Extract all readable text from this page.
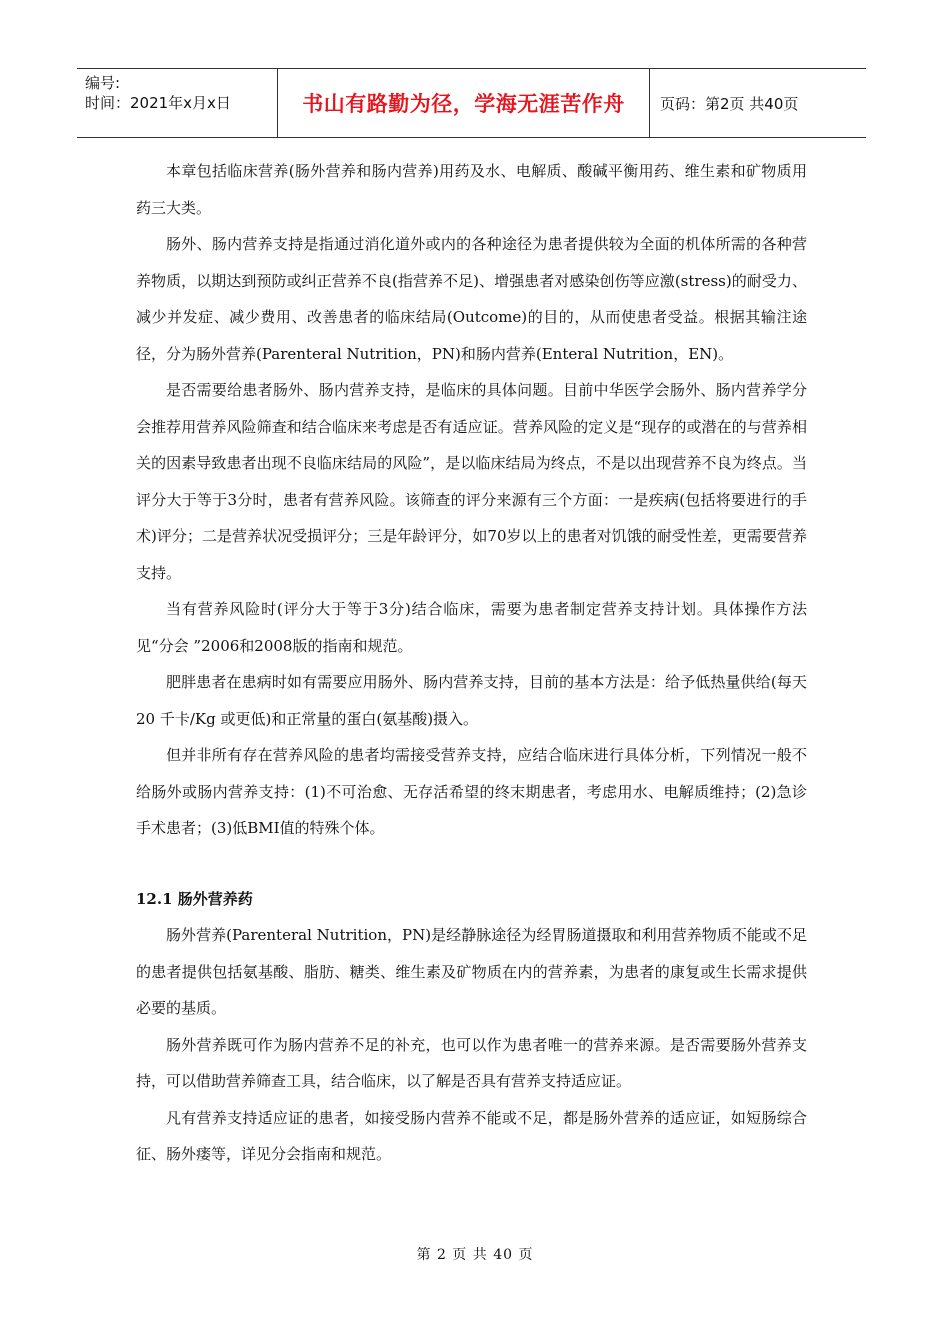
编号:
时间：2021年x月x日	书山有路勤为径，学海无涯苦作舟 页码：第2页 共40页

本章包括临床营养(肠外营养和肠内营养)用药及水、电解质、酸碱平衡用药、维生素和矿物质用药三大类。

肠外、肠内营养支持是指通过消化道外或内的各种途径为患者提供较为全面的机体所需的各种营养物质，以期达到预防或纠正营养不良(指营养不足)、增强患者对感染创伤等应激(stress)的耐受力、减少并发症、减少费用、改善患者的临床结局(Outcome)的目的，从而使患者受益。根据其输注途径，分为肠外营养(Parenteral Nutrition，PN)和肠内营养(Enteral Nutrition，EN)。

是否需要给患者肠外、肠内营养支持，是临床的具体问题。目前中华医学会肠外、肠内营养学分会推荐用营养风险筛查和结合临床来考虑是否有适应证。营养风险的定义是“现存的或潜在的与营养相关的因素导致患者出现不良临床结局的风险”，是以临床结局为终点，不是以出现营养不良为终点。当评分大于等于3分时，患者有营养风险。该筛查的评分来源有三个方面：一是疾病(包括将要进行的手术)评分；二是营养状况受损评分；三是年龄评分，如70岁以上的患者对饥饿的耐受性差，更需要营养支持。

当有营养风险时(评分大于等于3分)结合临床，需要为患者制定营养支持计划。具体操作方法见“分会 ”2006和2008版的指南和规范。

肥胖患者在患病时如有需要应用肠外、肠内营养支持，目前的基本方法是：给予低热量供给(每天 20 千卡/Kg 或更低)和正常量的蛋白(氨基酸)摄入。

但并非所有存在营养风险的患者均需接受营养支持，应结合临床进行具体分析，下列情况一般不给肠外或肠内营养支持：(1)不可治愈、无存活希望的终末期患者，考虑用水、电解质维持；(2)急诊手术患者；(3)低BMI值的特殊个体。

12.1 肠外营养药

肠外营养(Parenteral Nutrition，PN)是经静脉途径为经胃肠道摄取和利用营养物质不能或不足的患者提供包括氨基酸、脂肪、糖类、维生素及矿物质在内的营养素，为患者的康复或生长需求提供必要的基质。

肠外营养既可作为肠内营养不足的补充，也可以作为患者唯一的营养来源。是否需要肠外营养支持，可以借助营养筛查工具，结合临床，以了解是否具有营养支持适应证。

凡有营养支持适应证的患者，如接受肠内营养不能或不足，都是肠外营养的适应证，如短肠综合征、肠外瘘等，详见分会指南和规范。

第 2 页 共 40 页
